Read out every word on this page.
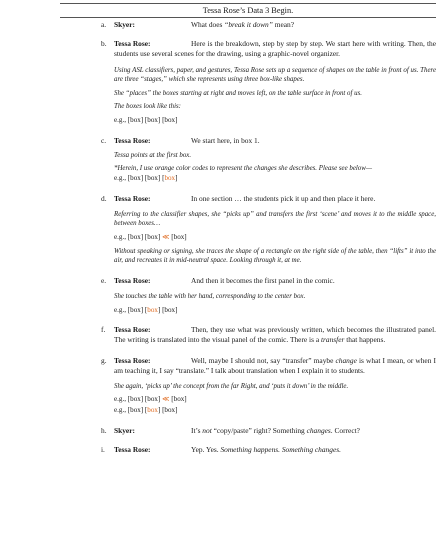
Tessa Rose’s Data 3 Begin.
a. Skyer:	What does “break it down” mean?
b. Tessa Rose:	Here is the breakdown, step by step by step. We start here with writing. Then, the students use several scenes for the drawing, using a graphic-novel organizer.
Using ASL classifiers, paper, and gestures, Tessa Rose sets up a sequence of shapes on the table in front of us. There are three “stages,” which she represents using three box-like shapes.
She “places” the boxes starting at right and moves left, on the table surface in front of us.
The boxes look like this:
e.g., [box] [box] [box]
c. Tessa Rose:	We start here, in box 1.
Tessa points at the first box.
*Herein, I use orange color codes to represent the changes she describes. Please see below—
e.g., [box] [box] [box]
d. Tessa Rose:	In one section … the students pick it up and then place it here.
Referring to the classifier shapes, she “picks up” and transfers the first ‘scene’ and moves it to the middle space, between boxes…
e.g., [box] [box] ≪ [box]
Without speaking or signing, she traces the shape of a rectangle on the right side of the table, then “lifts” it into the air, and recreates it in mid-neutral space. Looking through it, at me.
e. Tessa Rose:	And then it becomes the first panel in the comic.
She touches the table with her hand, corresponding to the center box.
e.g., [box] [box] [box]
f. Tessa Rose:	Then, they use what was previously written, which becomes the illustrated panel. The writing is translated into the visual panel of the comic. There is a transfer that happens.
g. Tessa Rose:	Well, maybe I should not, say “transfer” maybe change is what I mean, or when I am teaching it, I say “translate.” I talk about translation when I explain it to students.
She again, ‘picks up’ the concept from the far Right, and ‘puts it down’ in the middle.
e.g., [box] [box] ≪ [box]
e.g., [box] [box] [box]
h. Skyer:	It’s not “copy/paste” right? Something changes. Correct?
i. Tessa Rose:	Yep. Yes. Something happens. Something changes.
